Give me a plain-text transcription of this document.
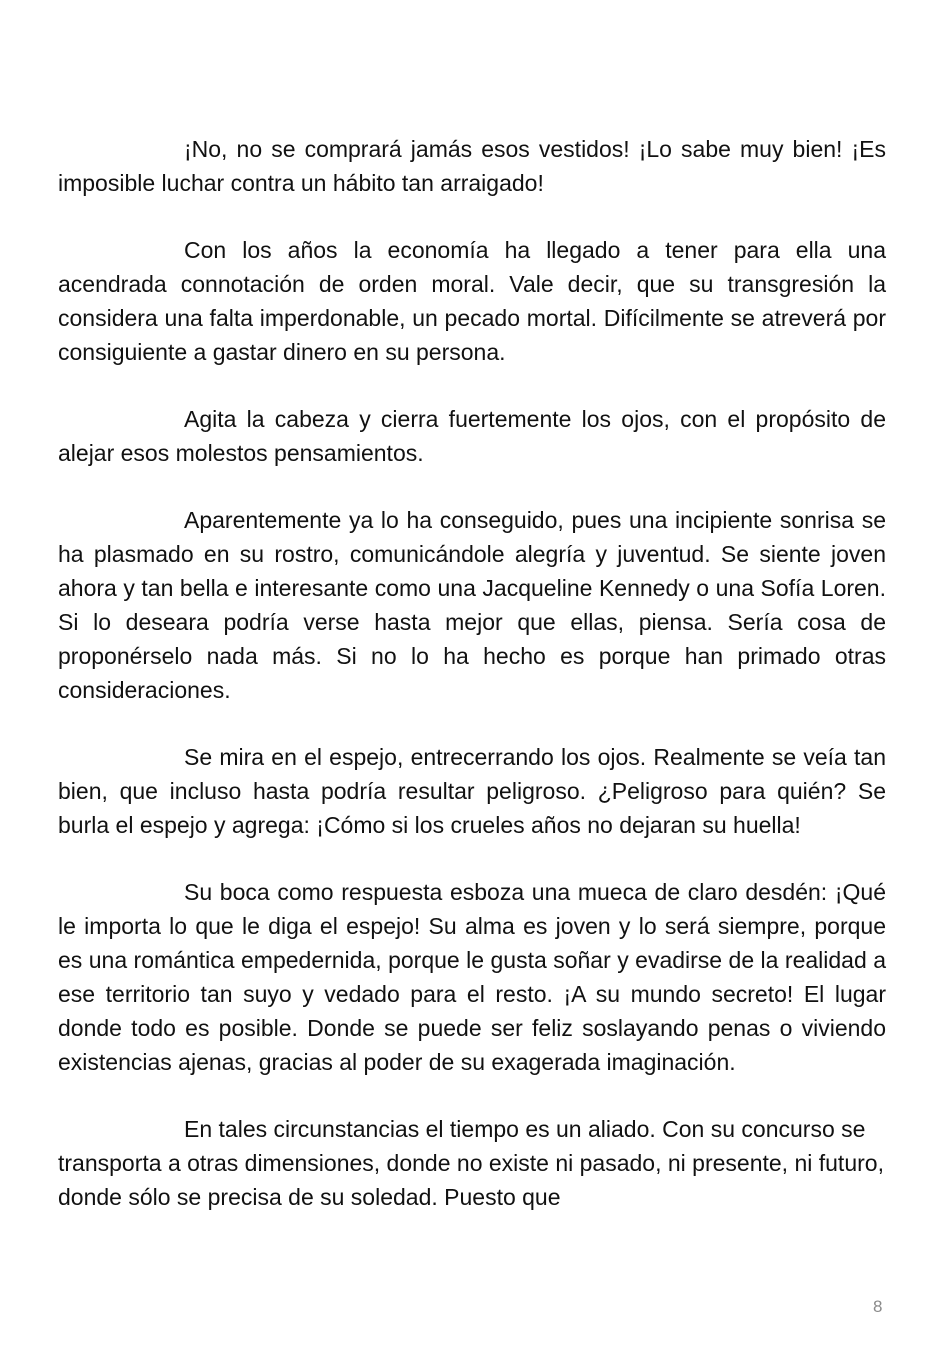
¡No, no se comprará jamás esos vestidos! ¡Lo sabe muy bien! ¡Es imposible luchar contra un hábito tan arraigado!

Con los años la economía ha llegado a tener para ella una acendrada connotación de orden moral. Vale decir, que su transgresión la considera una falta imperdonable, un pecado mortal. Difícilmente se atreverá por consiguiente a gastar dinero en su persona.

Agita la cabeza y cierra fuertemente los ojos, con el propósito de alejar esos molestos pensamientos.

Aparentemente ya lo ha conseguido, pues una incipiente sonrisa se ha plasmado en su rostro, comunicándole alegría y juventud. Se siente joven ahora y tan bella e interesante como una Jacqueline Kennedy o una Sofía Loren. Si lo deseara podría verse hasta mejor que ellas, piensa. Sería cosa de proponérselo nada más. Si no lo ha hecho es porque han primado otras consideraciones.

Se mira en el espejo, entrecerrando los ojos. Realmente se veía tan bien, que incluso hasta podría resultar peligroso. ¿Peligroso para quién? Se burla el espejo y agrega: ¡Cómo si los crueles años no dejaran su huella!

Su boca como respuesta esboza una mueca de claro desdén: ¡Qué le importa lo que le diga el espejo! Su alma es joven y lo será siempre, porque es una romántica empedernida, porque le gusta soñar y evadirse de la realidad a ese territorio tan suyo y vedado para el resto. ¡A su mundo secreto! El lugar donde todo es posible. Donde se puede ser feliz soslayando penas o viviendo existencias ajenas, gracias al poder de su exagerada imaginación.

En tales circunstancias el tiempo es un aliado. Con su concurso se transporta a otras dimensiones, donde no existe ni pasado, ni presente, ni futuro, donde sólo se precisa de su soledad. Puesto que

8
